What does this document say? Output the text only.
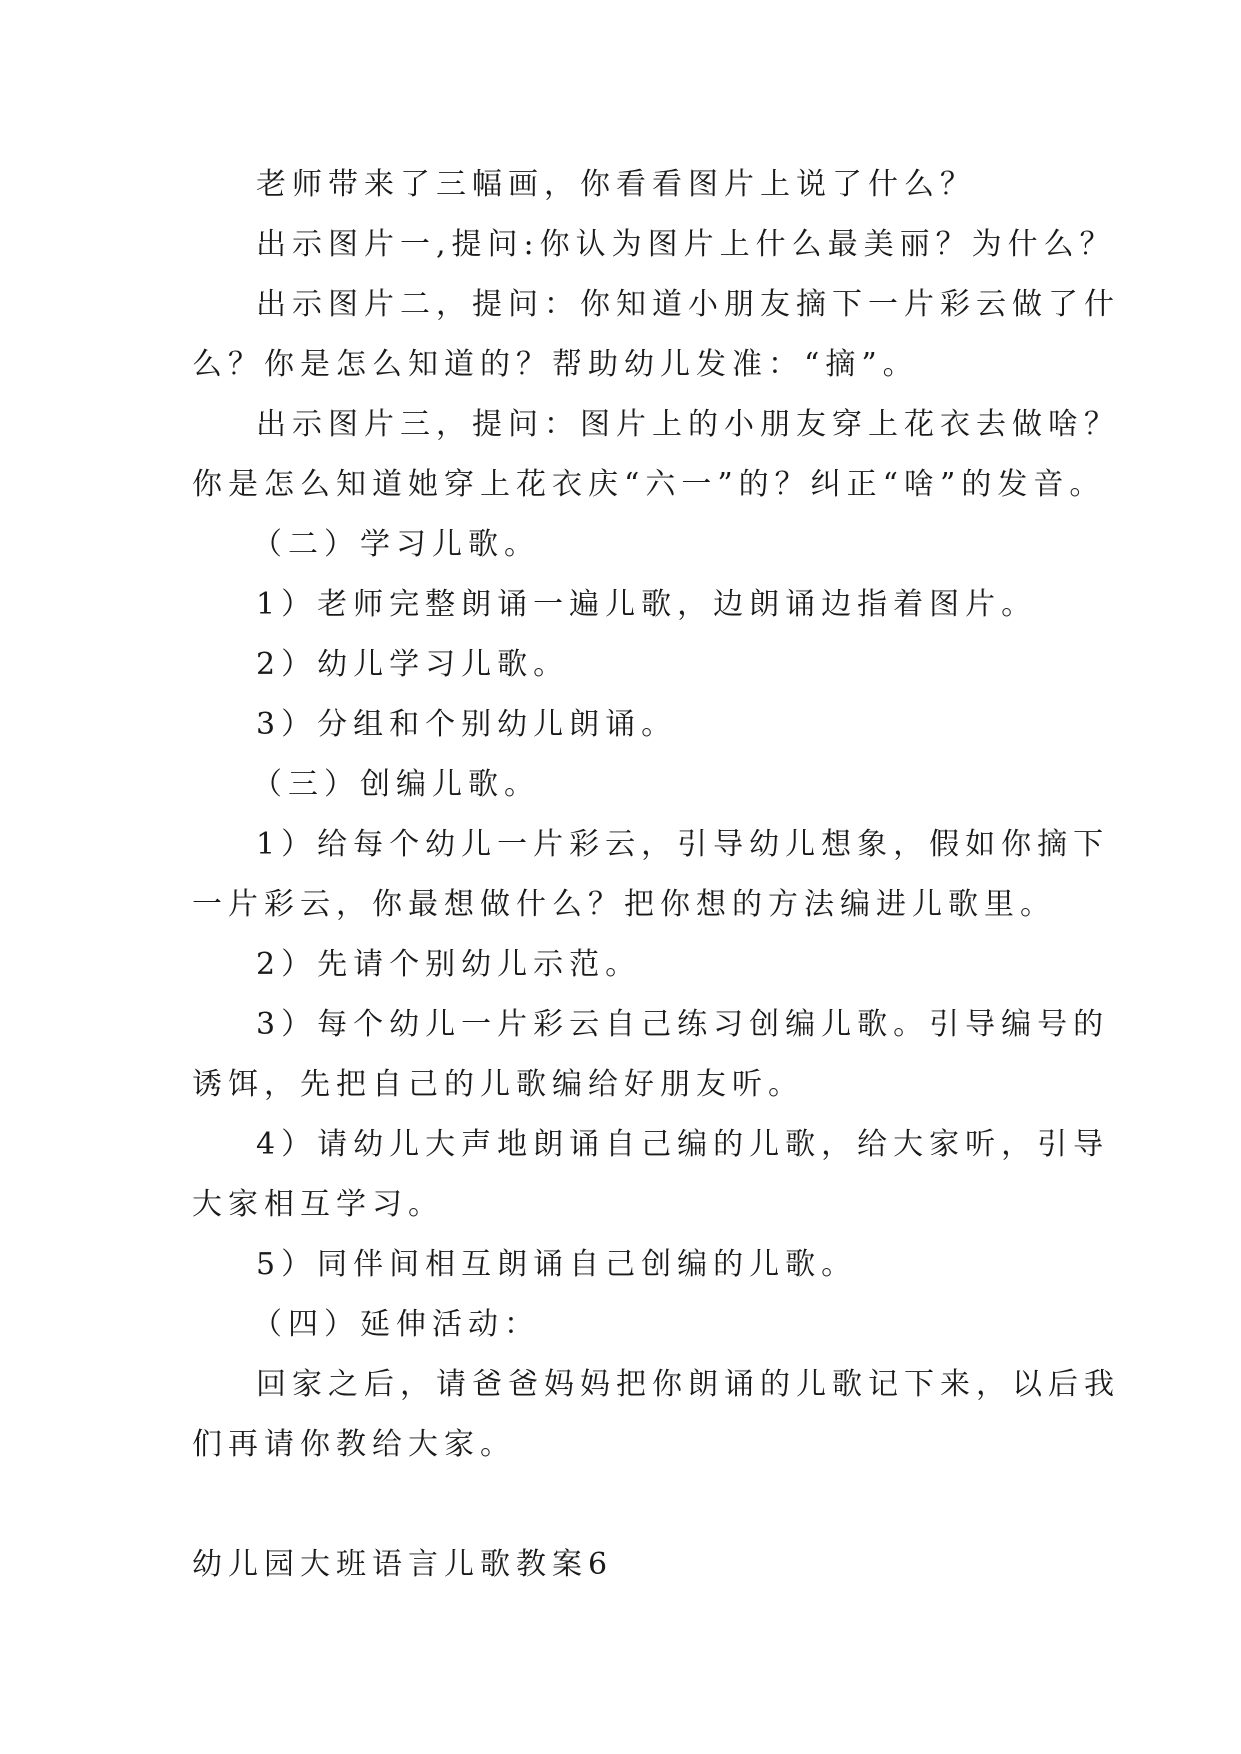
老师带来了三幅画，你看看图片上说了什么？
出示图片一,提问:你认为图片上什么最美丽？为什么？
出示图片二，提问：你知道小朋友摘下一片彩云做了什
么？你是怎么知道的？帮助幼儿发准：“摘”。
出示图片三，提问：图片上的小朋友穿上花衣去做啥？
你是怎么知道她穿上花衣庆“六一”的？纠正“啥”的发音。
（二）学习儿歌。
1）老师完整朗诵一遍儿歌，边朗诵边指着图片。
2）幼儿学习儿歌。
3）分组和个别幼儿朗诵。
（三）创编儿歌。
1）给每个幼儿一片彩云，引导幼儿想象，假如你摘下
一片彩云，你最想做什么？把你想的方法编进儿歌里。
2）先请个别幼儿示范。
3）每个幼儿一片彩云自己练习创编儿歌。引导编号的
诱饵，先把自己的儿歌编给好朋友听。
4）请幼儿大声地朗诵自己编的儿歌，给大家听，引导
大家相互学习。
5）同伴间相互朗诵自己创编的儿歌。
（四）延伸活动：
回家之后，请爸爸妈妈把你朗诵的儿歌记下来，以后我
们再请你教给大家。
幼儿园大班语言儿歌教案6
